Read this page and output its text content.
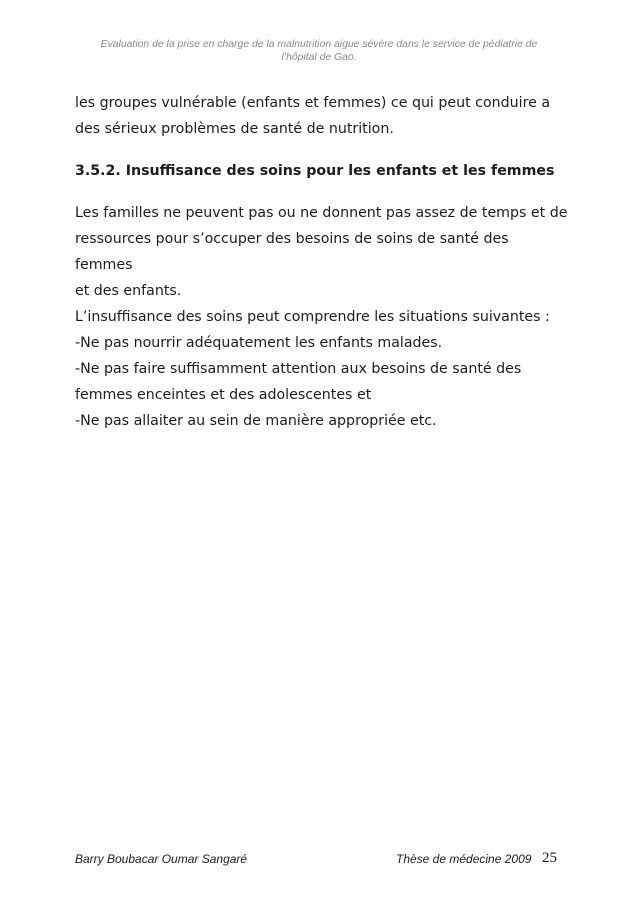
Evaluation de la prise en charge de la malnutrition aigue sévère dans le service de pédiatrie de
l’hôpital de Gao.

les groupes vulnérable (enfants et femmes) ce qui peut conduire a

des sérieux problèmes de santé de nutrition.

3.5.2. Insuffisance des soins pour les enfants et les femmes

Les familles ne peuvent pas ou ne donnent pas assez de temps et de

ressources pour s’occuper des besoins de soins de santé des femmes

et des enfants.

L’insuffisance des soins peut comprendre les situations suivantes :

-Ne pas nourrir adéquatement les enfants malades.

-Ne pas faire suffisamment attention aux besoins de santé des

femmes enceintes et des adolescentes et

-Ne pas allaiter au sein de manière appropriée etc.

Barry Boubacar Oumar Sangaré	Thèse de médecine 2009 25
